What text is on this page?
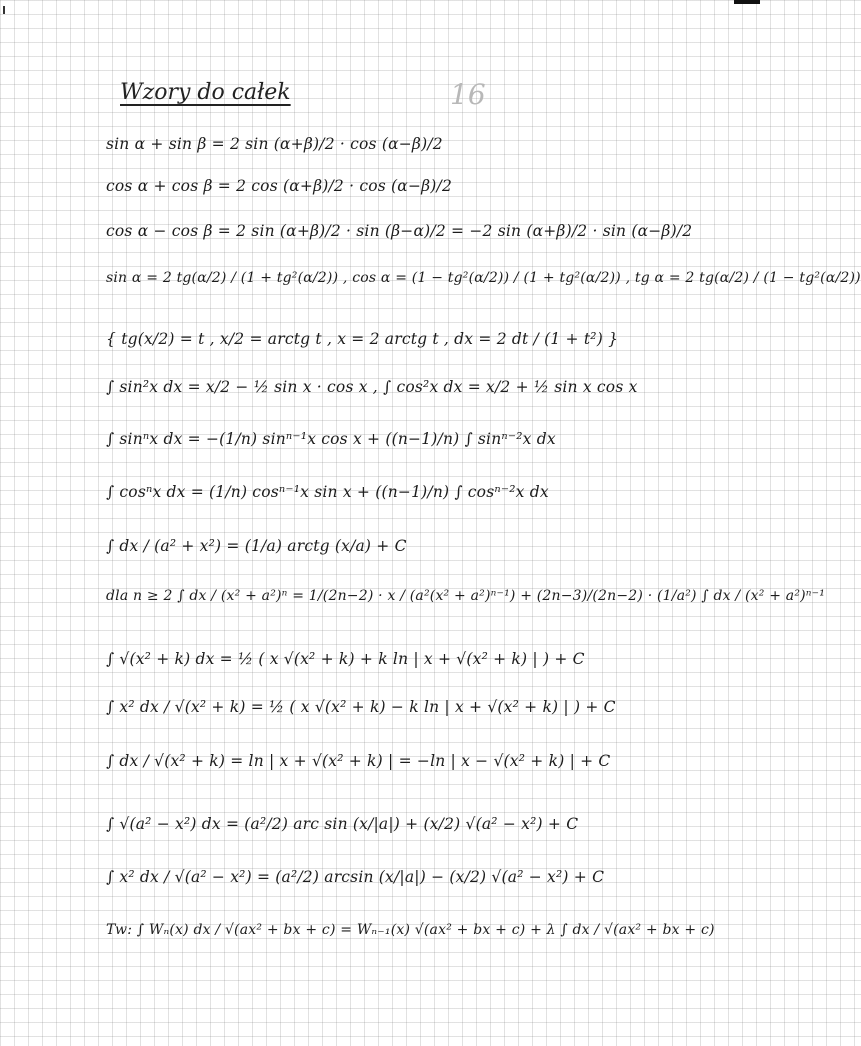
Wzory do całek	16
sin α + sin β = 2 sin (α+β)/2 · cos (α−β)/2
cos α + cos β = 2 cos (α+β)/2 · cos (α−β)/2
cos α − cos β = 2 sin (α+β)/2 · sin (β−α)/2 = −2 sin (α+β)/2 · sin (α−β)/2
sin α = 2 tg(α/2) / (1 + tg²(α/2)) , cos α = (1 − tg²(α/2)) / (1 + tg²(α/2)) , tg α = 2 tg(α/2) / (1 − tg²(α/2))
{ tg(x/2) = t , x/2 = arctg t , x = 2 arctg t , dx = 2 dt / (1 + t²) }
∫ sin²x dx = x/2 − ½ sin x · cos x , ∫ cos²x dx = x/2 + ½ sin x cos x
∫ sinⁿx dx = −(1/n) sinⁿ⁻¹x cos x + ((n−1)/n) ∫ sinⁿ⁻²x dx
∫ cosⁿx dx = (1/n) cosⁿ⁻¹x sin x + ((n−1)/n) ∫ cosⁿ⁻²x dx
∫ dx / (a² + x²) = (1/a) arctg (x/a) + C
dla n ≥ 2 ∫ dx / (x² + a²)ⁿ = 1/(2n−2) · x / (a²(x² + a²)ⁿ⁻¹) + (2n−3)/(2n−2) · (1/a²) ∫ dx / (x² + a²)ⁿ⁻¹
∫ √(x² + k) dx = ½ ( x √(x² + k) + k ln | x + √(x² + k) | ) + C
∫ x² dx / √(x² + k) = ½ ( x √(x² + k) − k ln | x + √(x² + k) | ) + C
∫ dx / √(x² + k) = ln | x + √(x² + k) | = −ln | x − √(x² + k) | + C
∫ √(a² − x²) dx = (a²/2) arc sin (x/|a|) + (x/2) √(a² − x²) + C
∫ x² dx / √(a² − x²) = (a²/2) arcsin (x/|a|) − (x/2) √(a² − x²) + C
Tw: ∫ Wₙ(x) dx / √(ax² + bx + c) = Wₙ₋₁(x) √(ax² + bx + c) + λ ∫ dx / √(ax² + bx + c)
